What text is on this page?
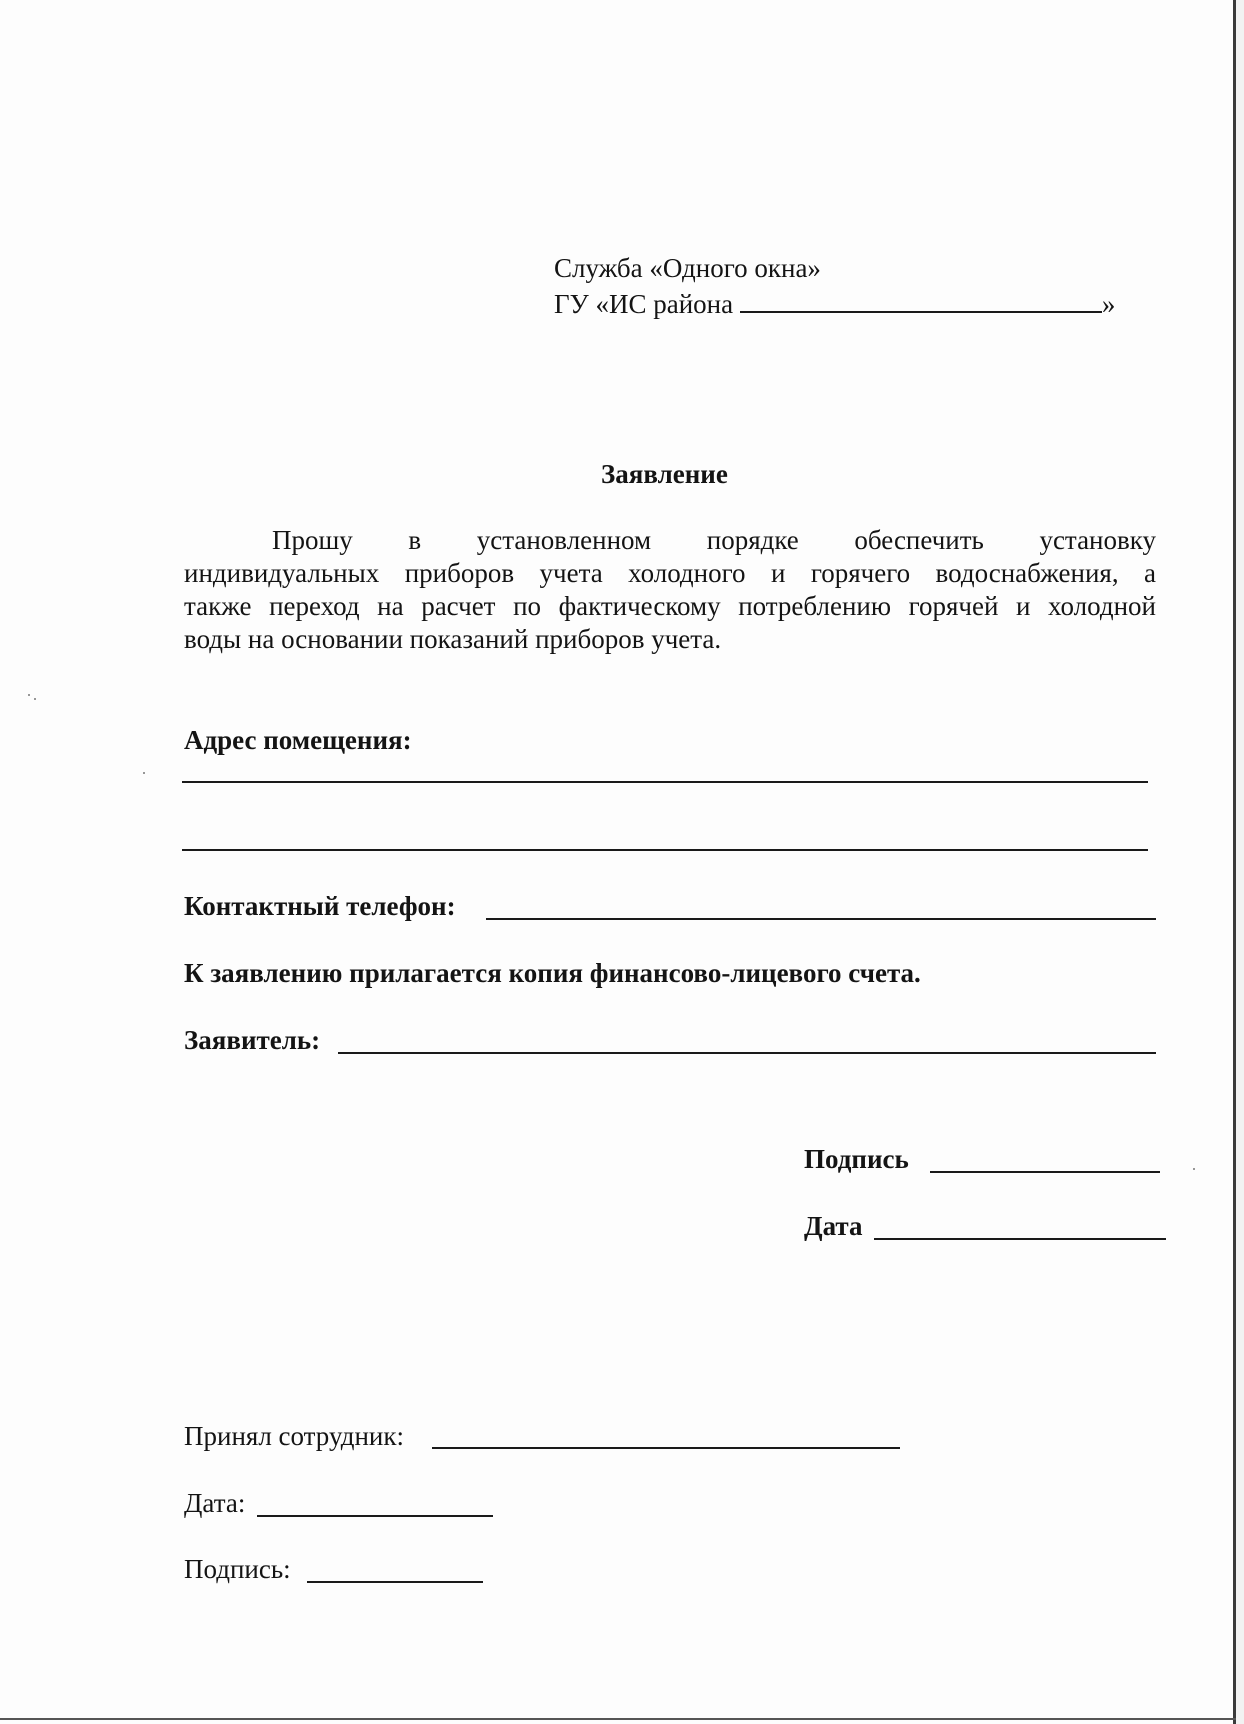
Служба «Одного окна»
ГУ «ИС района	»
Заявление
Прошу в установленном порядке обеспечить установку
индивидуальных приборов учета холодного и горячего водоснабжения, а
также переход на расчет по фактическому потреблению горячей и холодной
воды на основании показаний приборов учета.
Адрес помещения:
Контактный телефон:
К заявлению прилагается копия финансово-лицевого счета.
Заявитель:
Подпись
Дата
Принял сотрудник:
Дата:
Подпись:
